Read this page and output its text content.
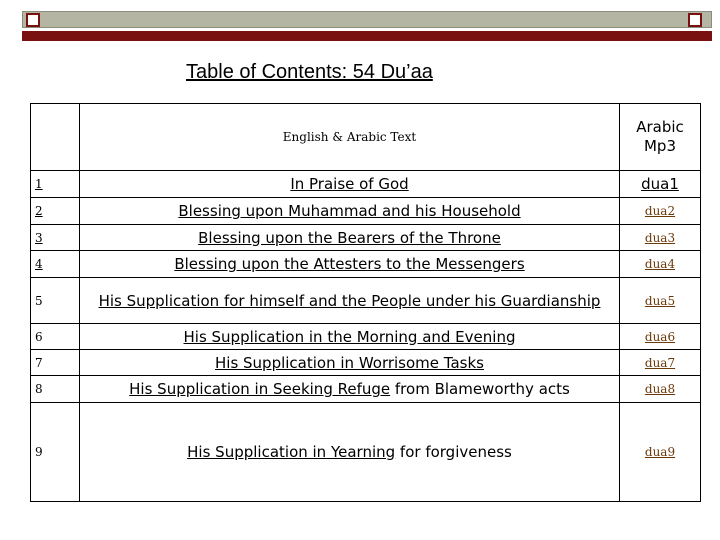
Table of Contents: 54 Du’aa
	English & Arabic Text	Arabic Mp3
1	In Praise of God	dua1
2	Blessing upon Muhammad and his Household	dua2
3	Blessing upon the Bearers of the Throne	dua3
4	Blessing upon the Attesters to the Messengers	dua4
5	His Supplication for himself and the People under his Guardianship	dua5
6	His Supplication in the Morning and Evening	dua6
7	His Supplication in Worrisome Tasks	dua7
8	His Supplication in Seeking Refuge from Blameworthy acts	dua8
9	His Supplication in Yearning for forgiveness	dua9
